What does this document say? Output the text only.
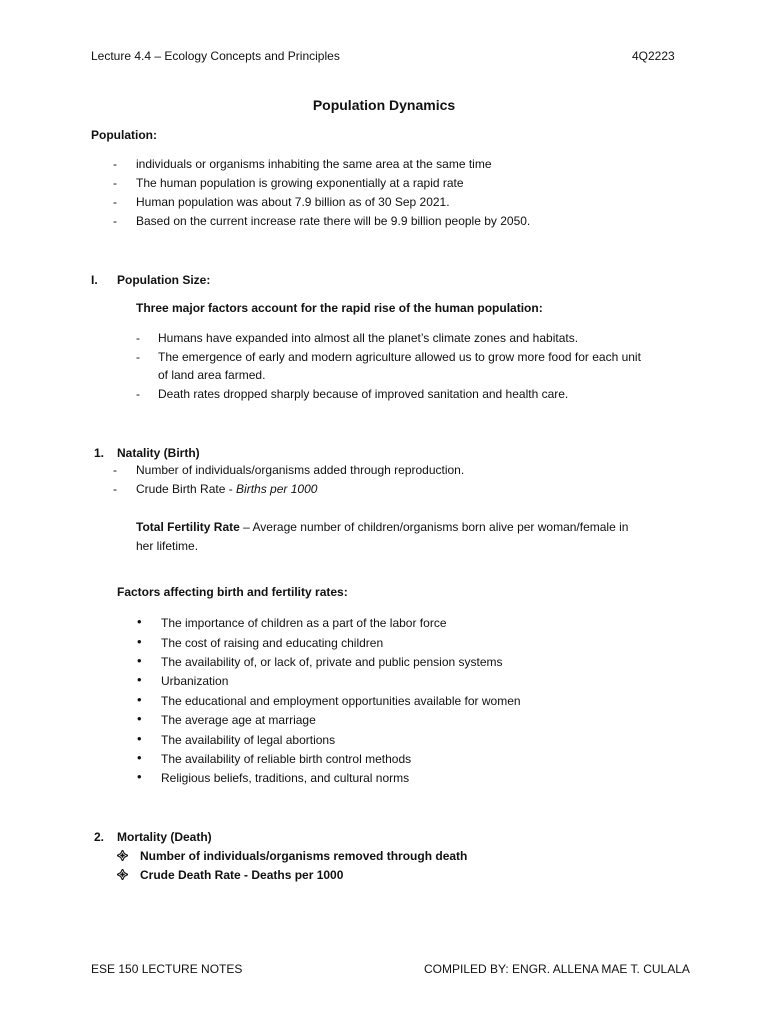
Lecture 4.4 – Ecology Concepts and Principles	4Q2223
Population Dynamics
Population:
-	individuals or organisms inhabiting the same area at the same time
-	The human population is growing exponentially at a rapid rate
-	Human population was about 7.9 billion as of 30 Sep 2021.
-	Based on the current increase rate there will be 9.9 billion people by 2050.
I. Population Size:
Three major factors account for the rapid rise of the human population:
-	Humans have expanded into almost all the planet’s climate zones and habitats.
-	The emergence of early and modern agriculture allowed us to grow more food for each unit
of land area farmed.
-	Death rates dropped sharply because of improved sanitation and health care.
1. Natality (Birth)
-	Number of individuals/organisms added through reproduction.
-	Crude Birth Rate - Births per 1000
Total Fertility Rate – Average number of children/organisms born alive per woman/female in
her lifetime.
Factors affecting birth and fertility rates:
• The importance of children as a part of the labor force
• The cost of raising and educating children
• The availability of, or lack of, private and public pension systems
• Urbanization
• The educational and employment opportunities available for women
• The average age at marriage
• The availability of legal abortions
• The availability of reliable birth control methods
• Religious beliefs, traditions, and cultural norms
2. Mortality (Death)
Number of individuals/organisms removed through death
Crude Death Rate - Deaths per 1000
ESE 150 LECTURE NOTES	COMPILED BY: ENGR. ALLENA MAE T. CULALA
